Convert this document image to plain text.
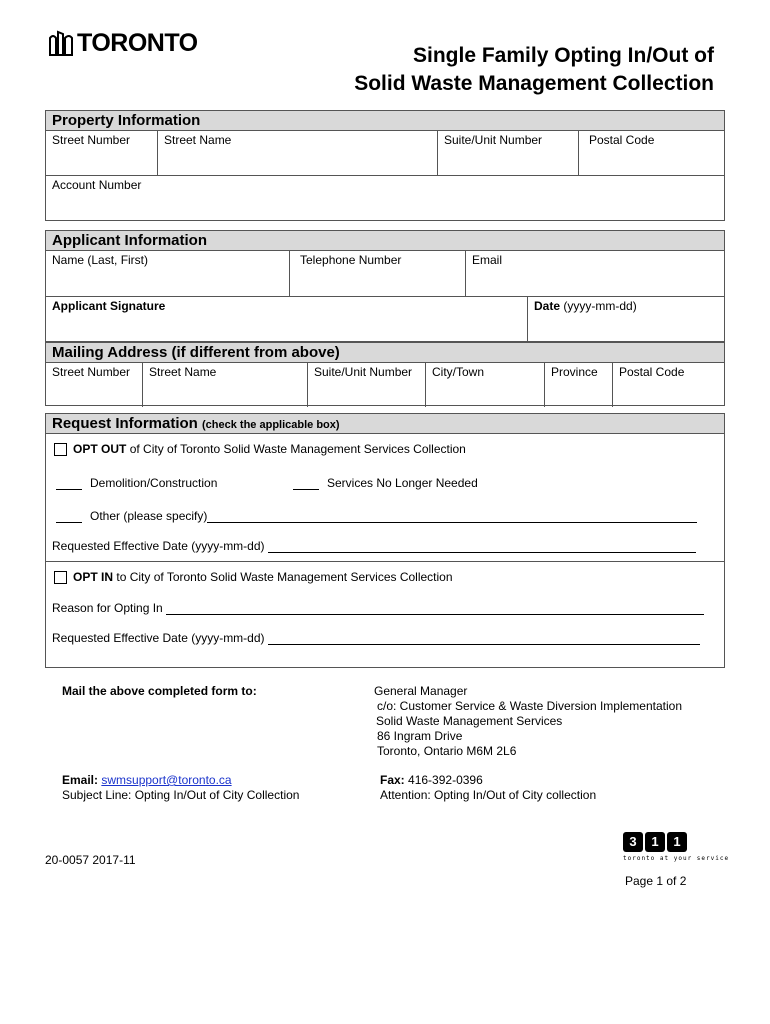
TORONTO	Single Family Opting In/Out of
Solid Waste Management Collection
Property Information
Street Number	Street Name	Suite/Unit Number	Postal Code
Account Number
Applicant Information
Name (Last, First)	Telephone Number	Email
Applicant Signature	Date (yyyy-mm-dd)
Mailing Address (if different from above)
Street Number	Street Name	Suite/Unit Number	City/Town	Province	Postal Code
Request Information (check the applicable box)
OPT OUT of City of Toronto Solid Waste Management Services Collection
Demolition/Construction	Services No Longer Needed
Other (please specify)
Requested Effective Date (yyyy-mm-dd)
OPT IN to City of Toronto Solid Waste Management Services Collection
Reason for Opting In
Requested Effective Date (yyyy-mm-dd)
Mail the above completed form to:	General Manager
c/o: Customer Service & Waste Diversion Implementation
Solid Waste Management Services
86 Ingram Drive
Toronto, Ontario M6M 2L6
Email: swmsupport@toronto.ca
Subject Line: Opting In/Out of City Collection
Fax: 416-392-0396
Attention: Opting In/Out of City collection
3	1	1
toronto at your service
20-0057 2017-11
Page 1 of 2
